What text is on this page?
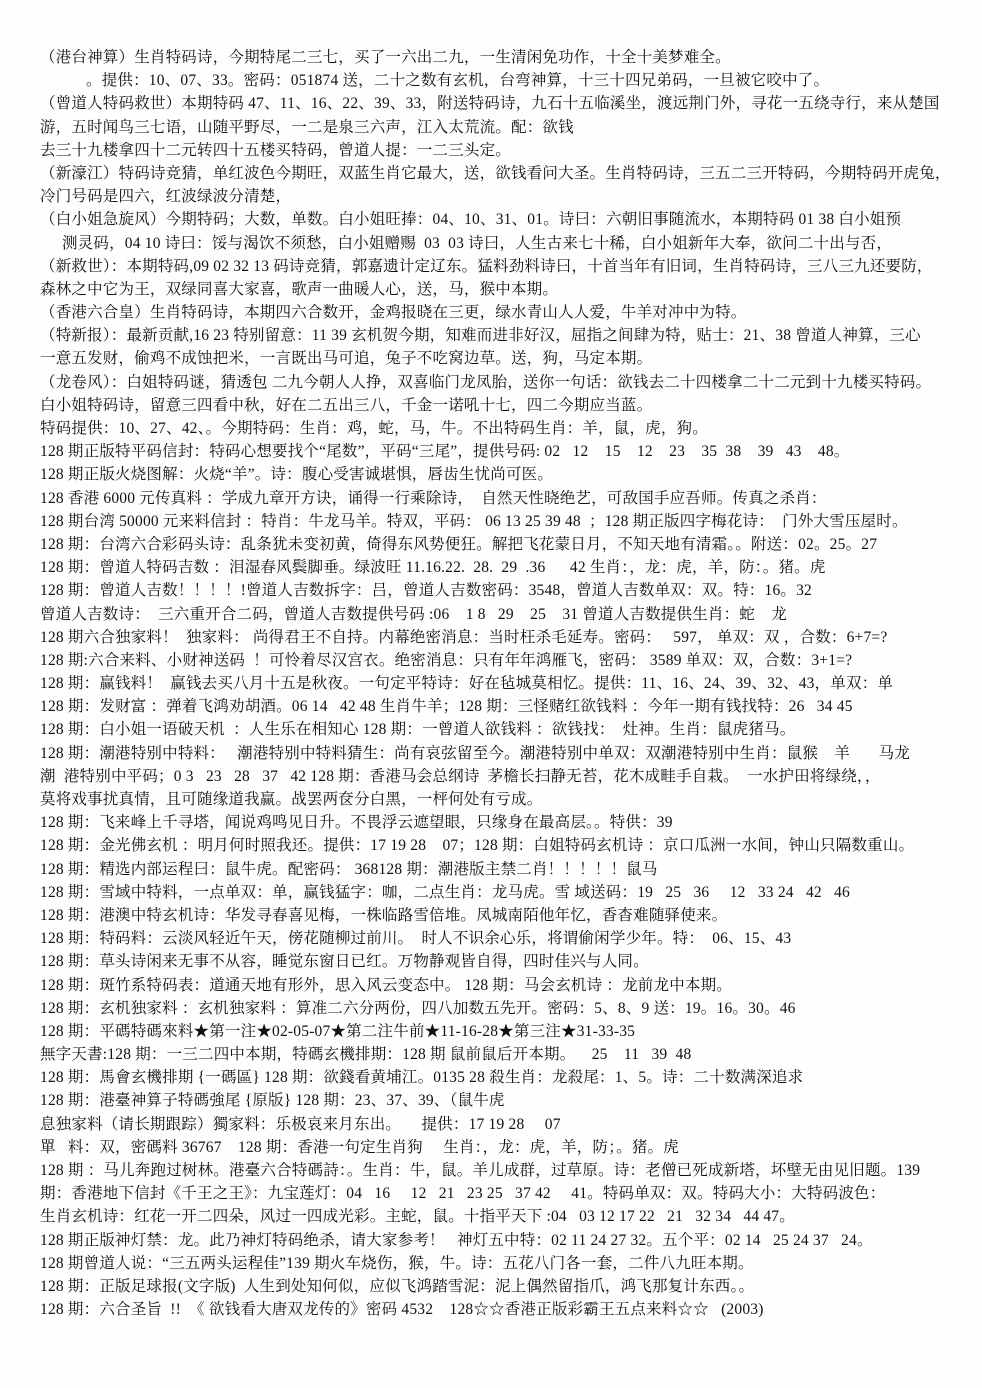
（港台神算）生肖特码诗，今期特尾二三七，买了一六出二九，一生清闲免功作，十全十美梦难全。
。提供：10、07、33。密码：051874 送，二十之数有玄机，台弯神算，十三十四兄弟码，一旦被它咬中了。
（曾道人特码救世）本期特码 47、11、16、22、39、33，附送特码诗，九石十五临溪坐，渡远荆门外，寻花一五绕寺行，来从楚国
游，五时闻鸟三七语，山随平野尽，一二是泉三六声，江入太荒流。配：欲钱
去三十九楼拿四十二元转四十五楼买特码，曾道人提：一二三头定。
（新濠江）特码诗竞猜，单红波色今期旺，双蓝生肖它最大，送，欲钱看问大圣。生肖特码诗，三五二三开特码，今期特码开虎兔，
冷门号码是四六，红波绿波分清楚，
（白小姐急旋风）今期特码；大数，单数。白小姐旺捧：04、10、31、01。诗曰：六朝旧事随流水，本期特码 01 38 白小姐预
测灵码，04 10 诗曰：馁与渴饮不须愁，白小姐赠赐  03  03 诗曰，人生古来七十稀，白小姐新年大奉，欲问二十出与否，
（新救世）：本期特码,09 02 32 13 码诗竞猜，郭嘉遗计定辽东。猛料劲料诗曰，十首当年有旧词，生肖特码诗，三八三九还要防，
森林之中它为王，双绿同喜大家喜，歌声一曲暖人心，送，马，猴中本期。
（香港六合皇）生肖特码诗，本期四六合数开，金鸡报晓在三更，绿水青山人人爱，牛羊对冲中为特。
（特新报）：最新贡献,16 23 特别留意：11 39 玄机贺今期，知难而进非好汉，屈指之间肆为特，贴士：21、38 曾道人神算，三心
一意五发财，偷鸡不成蚀把米，一言既出马可追，兔子不吃窝边草。送，狗，马定本期。
（龙卷风）：白姐特码谜，猜透包 二九今朝人人挣，双喜临门龙凤胎，送你一句话：欲钱去二十四楼拿二十二元到十九楼买特码。
白小姐特码诗，留意三四看中秋，好在二五出三八，千金一诺吼十七，四二今期应当蓝。
特码提供：10、27、42、。今期特码：生肖：鸡，蛇，马，牛。不出特码生肖：羊，鼠，虎，狗。
128 期正版特平码信封：特码心想要找个“尾数”，平码“三尾”，提供号码: 02   12    15    12    23    35  38    39   43    48。
128 期正版火烧图解：火烧“羊”。诗：腹心受害诚堪惧，唇齿生忧尚可医。
128 香港 6000 元传真料 ：学成九章开方诀，诵得一行乘除诗，  自然天性晓绝艺，可敌国手应吾师。传真之杀肖：
128 期台湾 50000 元来料信封 ：特肖：牛龙马羊。特双，平码： 06 13 25 39 48  ；128 期正版四字梅花诗：  门外大雪压屋时。
128 期：台湾六合彩码头诗：乱条犹未变初黄，倚得东风势便狂。解把飞花蒙日月，不知天地有清霜。。附送：02。25。27
128 期：曾道人特码吉数 ：泪湿春风鬓脚垂。绿波旺 11.16.22.  28.  29  .36      42 生肖：，龙：虎，羊，防：。猪。虎
128 期：曾道人吉数！！！！!曾道人吉数拆字：吕，曾道人吉数密码：3548，曾道人吉数单双：双。特：16。32
曾道人吉数诗：  三六重开合二码，曾道人吉数提供号码 :06    1 8   29    25    31 曾道人吉数提供生肖：蛇    龙
128 期六合独家料！  独家料： 尚得君王不自持。内幕绝密消息：当时枉杀毛延寿。密码：   597， 单双：双 ，合数：6+7=?
128 期:六合来料、小财神送码  ！可怜着尽汉宫衣。绝密消息：只有年年鸿雁飞，密码： 3589 单双：双，合数：3+1=?
128 期：赢钱料！  赢钱去买八月十五是秋夜。一句定平特诗：好在毡城莫相忆。提供：11、16、24、39、32、43，单双：单
128 期：发财富 ：弹着飞鸿劝胡酒。06 14   42 48 生肖牛羊；128 期：三怪赌红欲钱料 ：今年一期有钱找特：26   34 45
128 期：白小姐一语破天机  ：人生乐在相知心 128 期：一曾道人欲钱料 ：欲钱找：  灶神。生肖：鼠虎猪马。
128 期：潮港特别中特料：   潮港特别中特料猜生：尚有哀弦留至今。潮港特别中单双：双潮港特别中生肖：鼠猴    羊       马龙
潮  港特别中平码；0 3   23   28   37   42 128 期：香港马会总纲诗  茅檐长扫静无苔，花木成畦手自栽。  一水护田将绿绕，，
莫将戏事扰真情，且可随缘道我赢。战罢两奁分白黑，一枰何处有亏成。
128 期：飞来峰上千寻塔，闻说鸡鸣见日升。不畏浮云遮望眼，只缘身在最高层。。特供：39
128 期：金光佛玄机 ：明月何时照我还。提供：17 19 28    07；128 期：白姐特码玄机诗 ：京口瓜洲一水间，钟山只隔数重山。
128 期：精选内部运程曰：鼠牛虎。配密码： 368128 期：潮港版主禁二肖！！！！！鼠马
128 期：雪域中特料，一点单双：单，赢钱猛字：咖，二点生肖：龙马虎。雪 域送码：19   25   36     12   33 24   42   46
128 期：港澳中特玄机诗：华发寻春喜见梅，一株临路雪倍堆。凤城南陌他年忆，香杳难随驿使来。
128 期：特码料：云淡风轻近午天，傍花随柳过前川。  时人不识余心乐，将谓偷闲学少年。特：  06、15、43
128 期：草头诗闲来无事不从容，睡觉东窗日已红。万物静观皆自得，四时佳兴与人同。
128 期：斑竹系特码表：道通天地有形外，思入风云变态中。 128 期：马会玄机诗 ：龙前龙中本期。
128 期：玄机独家料 ：玄机独家料 ：算准二六分两份，四八加数五先开。密码：5、8、9 送：19。16。30。46
128 期：平碼特碼來料★第一注★02-05-07★第二注牛前★11-16-28★第三注★31-33-35
無字天書:128 期：一三二四中本期，特碼玄機排期：128 期 鼠前鼠后开本期。    25    11   39  48
128 期：馬會玄機排期 {一碼區} 128 期：欲錢看黄埔江。0135 28 殺生肖：龙殺尾：1、5。诗：二十数满深追求
128 期：港臺神算子特碼強尾 {原版} 128 期：23、37、39、（鼠牛虎
息独家料（请长期跟踪）獨家料：乐极哀来月东出。     提供：17 19 28     07
單   料：双，密碼料 36767    128 期：香港一句定生肖狗     生肖：，龙：虎，羊，防；。猪。虎
128 期 ：马儿奔跑过树林。港臺六合特碼詩：。生肖：牛，鼠。羊儿成群，过草原。诗：老僧已死成新塔，坏壁无由见旧题。139
期：香港地下信封《千王之王》：九宝莲灯：04   16     12   21   23 25   37 42     41。特码单双：双。特码大小：大特码波色：
生肖玄机诗：红花一开二四朵，风过一四成光彩。主蛇，鼠。十指平天下 :04   03 12 17 22   21   32 34   44 47。
128 期正版神灯禁：龙。此乃神灯特码绝杀，请大家参考！   神灯五中特：02 11 24 27 32。五个平：02 14   25 24 37   24。
128 期曾道人说：“三五两头运程佳”139 期火车烧伤，猴，牛。诗：五花八门各一套，二件八九旺本期。
128 期：正版足球报(文字版)  人生到处知何似，应似飞鸿踏雪泥：泥上偶然留指爪，鸿飞那复计东西。。
128 期：六合圣旨  !!  《 欲钱看大唐双龙传的》密码 4532    128☆☆香港正版彩霸王五点来料☆☆   (2003)
